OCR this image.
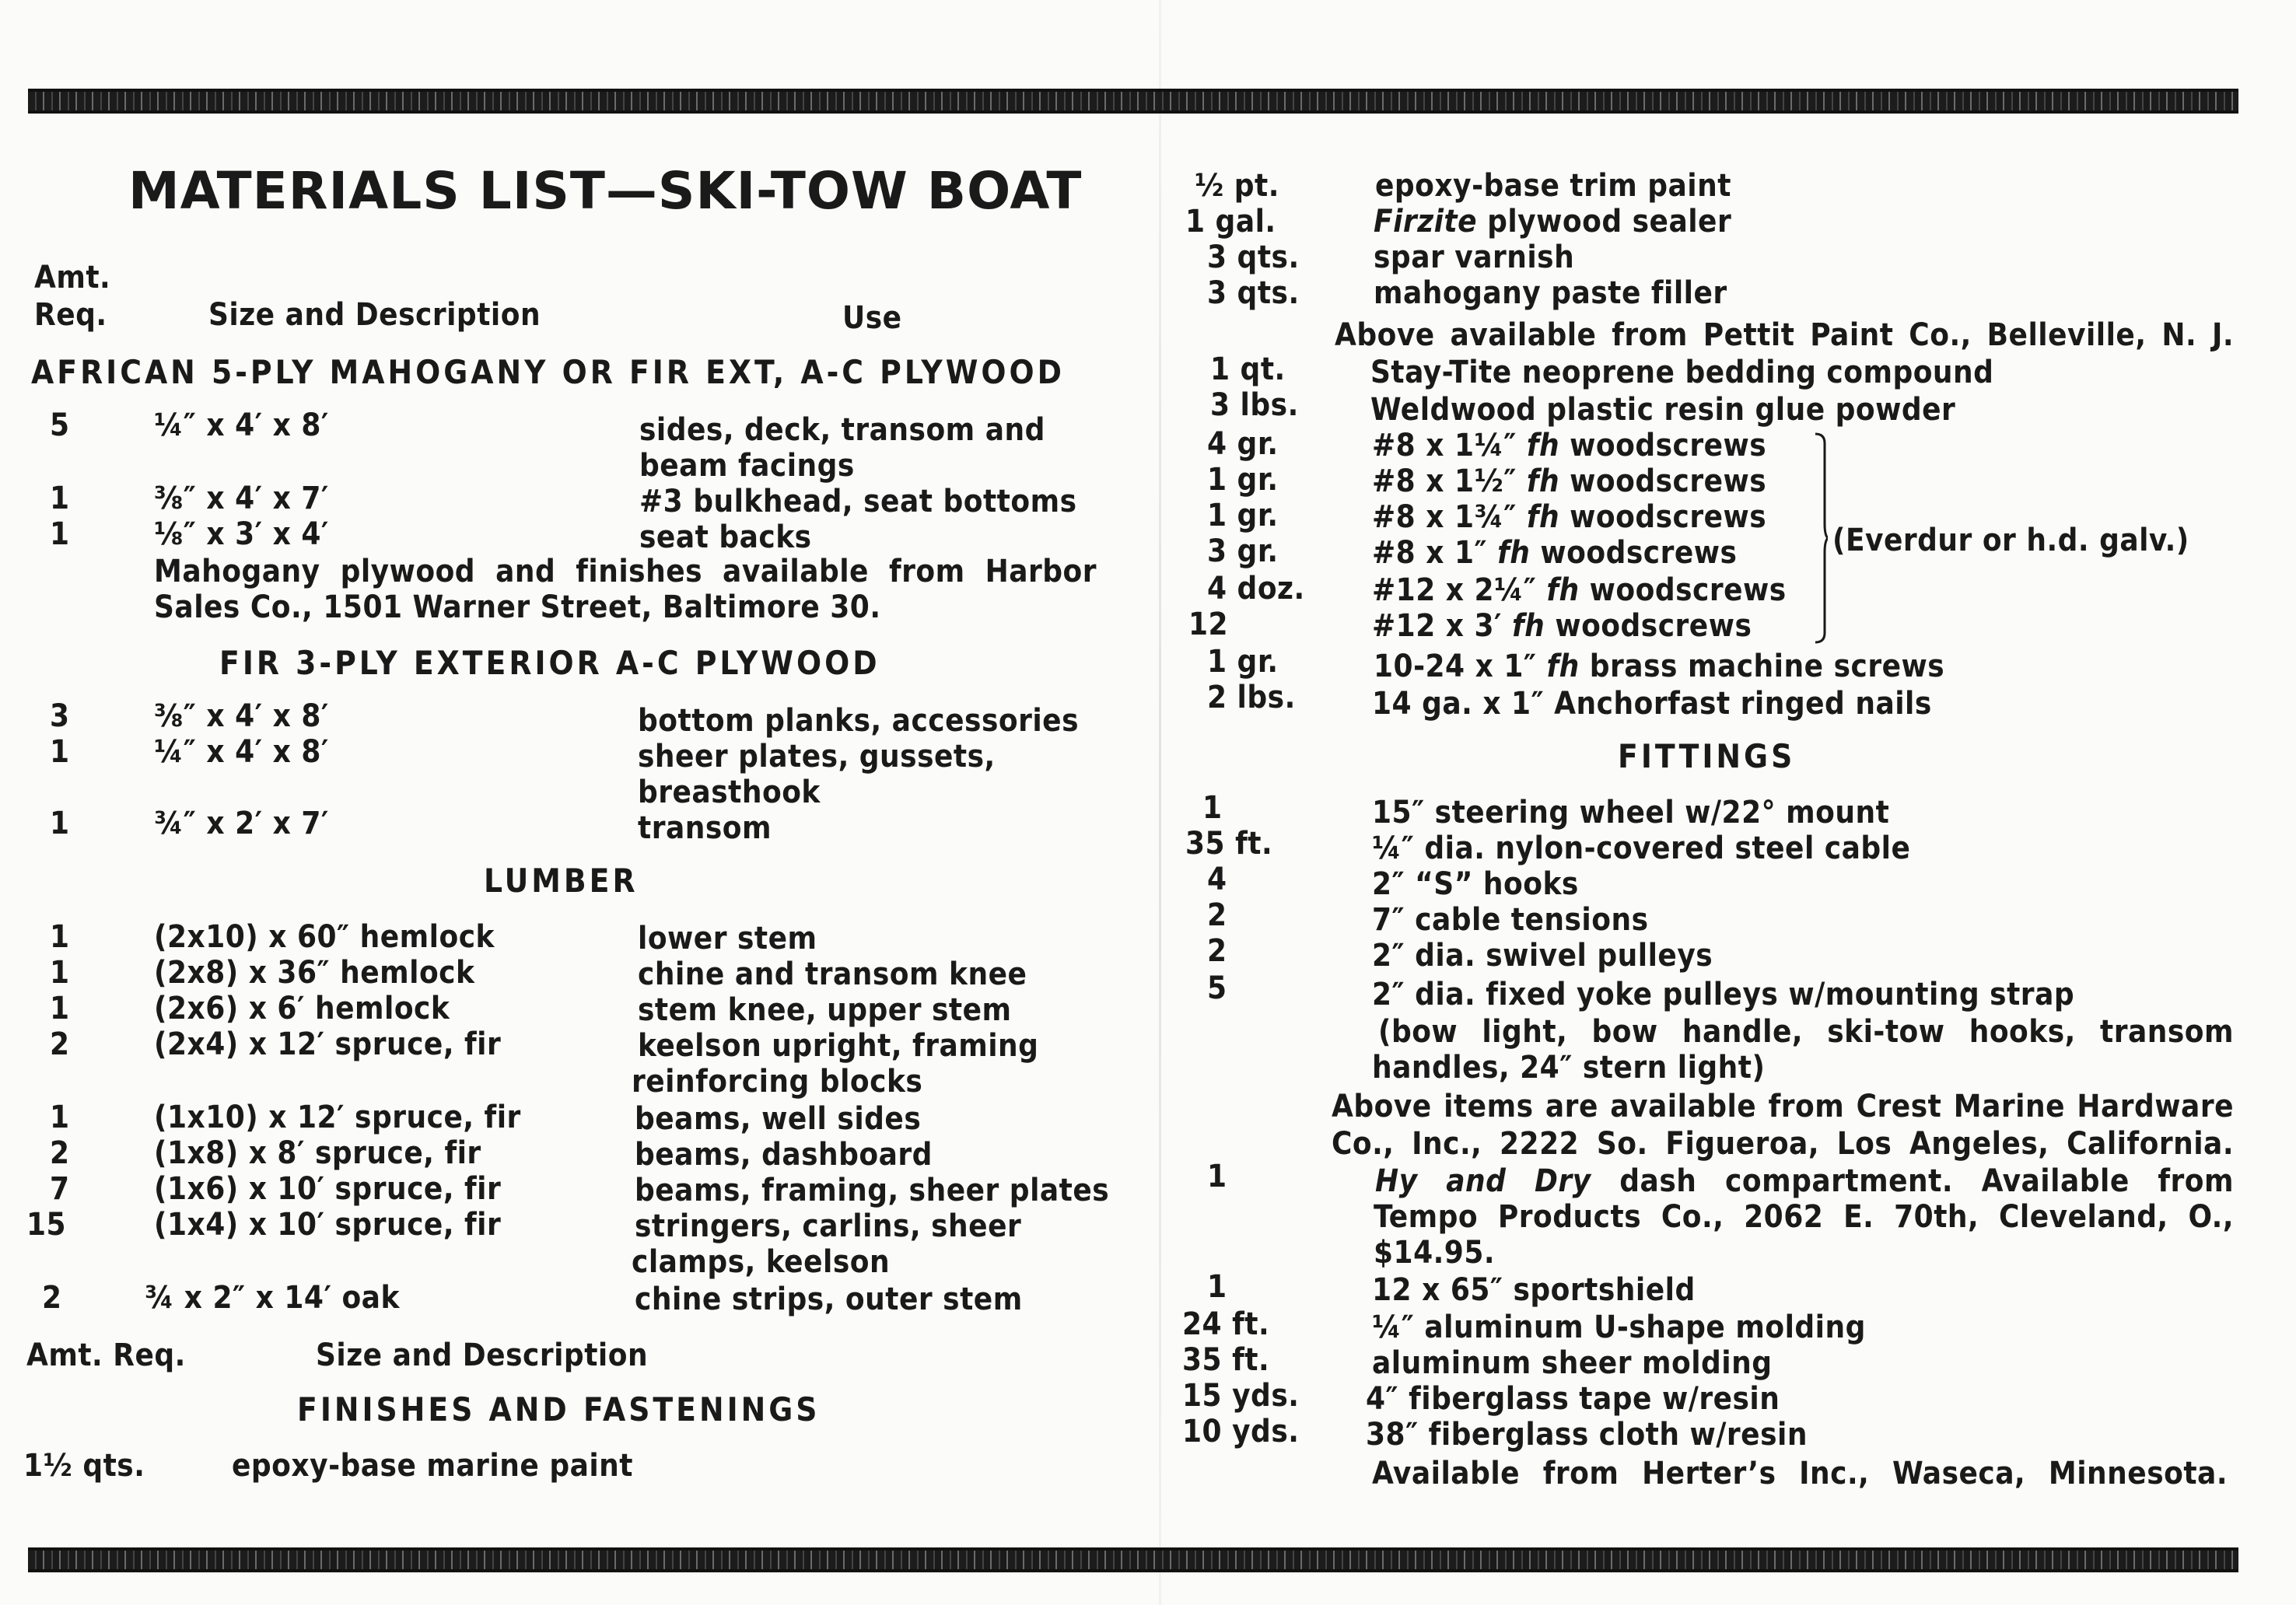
MATERIALS LIST—SKI-TOW BOAT
Amt.
Req.	Size and Description	Use
AFRICAN 5-PLY MAHOGANY OR FIR EXT, A-C PLYWOOD
5	¼″ x 4′ x 8′	sides, deck, transom and
beam facings
1	⅜″ x 4′ x 7′	#3 bulkhead, seat bottoms
1	⅛″ x 3′ x 4′	seat backs
Mahogany plywood and finishes available from Harbor
Sales Co., 1501 Warner Street, Baltimore 30.
FIR 3-PLY EXTERIOR A-C PLYWOOD
3	⅜″ x 4′ x 8′	bottom planks, accessories
1	¼″ x 4′ x 8′	sheer plates, gussets,
breasthook
1	¾″ x 2′ x 7′	transom
LUMBER
1	(2x10) x 60″ hemlock	lower stem
1	(2x8) x 36″ hemlock	chine and transom knee
1	(2x6) x 6′ hemlock	stem knee, upper stem
2	(2x4) x 12′ spruce, fir	keelson upright, framing
reinforcing blocks
1	(1x10) x 12′ spruce, fir	beams, well sides
2	(1x8) x 8′ spruce, fir	beams, dashboard
7	(1x6) x 10′ spruce, fir	beams, framing, sheer plates
15	(1x4) x 10′ spruce, fir	stringers, carlins, sheer
clamps, keelson
2	¾ x 2″ x 14′ oak	chine strips, outer stem
Amt. Req.	Size and Description
FINISHES AND FASTENINGS
1½ qts.	epoxy-base marine paint
½ pt.	epoxy-base trim paint
1 gal.	Firzite plywood sealer
3 qts. spar varnish
3 qts. mahogany paste filler
Above available from Pettit Paint Co., Belleville, N. J.
1 qt.	Stay-Tite neoprene bedding compound
3 lbs. Weldwood plastic resin glue powder
4 gr.	#8 x 1¼″ fh woodscrews
1 gr.	#8 x 1½″ fh woodscrews
1 gr.	#8 x 1¾″ fh woodscrews
3 gr.	#8 x 1″ fh woodscrews
4 doz. #12 x 2¼″ fh woodscrews
12	#12 x 3′ fh woodscrews
(Everdur or h.d. galv.)
1 gr.	10-24 x 1″ fh brass machine screws
2 lbs. 14 ga. x 1″ Anchorfast ringed nails
FITTINGS
1	15″ steering wheel w/22° mount
35 ft.	¼″ dia. nylon-covered steel cable
4	2″ “S” hooks
2	7″ cable tensions
2	2″ dia. swivel pulleys
5	2″ dia. fixed yoke pulleys w/mounting strap
(bow light, bow handle, ski-tow hooks, transom
handles, 24″ stern light)
Above items are available from Crest Marine Hardware
Co., Inc., 2222 So. Figueroa, Los Angeles, California.
1	Hy and Dry dash compartment. Available from
Tempo Products Co., 2062 E. 70th, Cleveland, O.,
$14.95.
1	12 x 65″ sportshield
24 ft.	¼″ aluminum U-shape molding
35 ft.	aluminum sheer molding
15 yds. 4″ fiberglass tape w/resin
10 yds. 38″ fiberglass cloth w/resin
Available from Herter’s Inc., Waseca, Minnesota.
